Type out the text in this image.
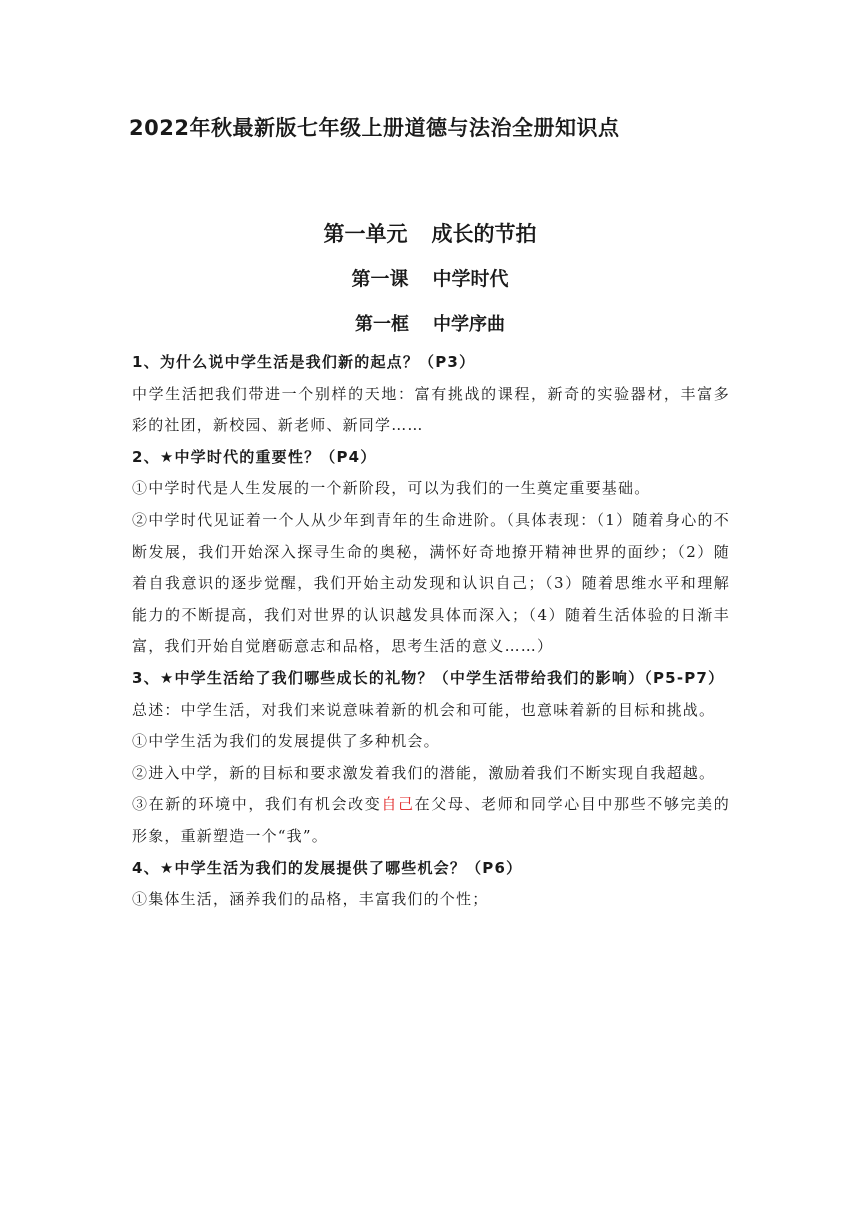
2022年秋最新版七年级上册道德与法治全册知识点
第一单元 成长的节拍
第一课 中学时代
第一框 中学序曲

1、为什么说中学生活是我们新的起点？（P3）

中学生活把我们带进一个别样的天地：富有挑战的课程，新奇的实验器材，丰富多彩的社团，新校园、新老师、新同学……

2、★中学时代的重要性？（P4）

①中学时代是人生发展的一个新阶段，可以为我们的一生奠定重要基础。

②中学时代见证着一个人从少年到青年的生命进阶。（具体表现：（1）随着身心的不断发展，我们开始深入探寻生命的奥秘，满怀好奇地撩开精神世界的面纱；（2）随着自我意识的逐步觉醒，我们开始主动发现和认识自己；（3）随着思维水平和理解能力的不断提高，我们对世界的认识越发具体而深入；（4）随着生活体验的日渐丰富，我们开始自觉磨砺意志和品格，思考生活的意义……）

3、★中学生活给了我们哪些成长的礼物？（中学生活带给我们的影响）（P5-P7）

总述：中学生活，对我们来说意味着新的机会和可能，也意味着新的目标和挑战。

①中学生活为我们的发展提供了多种机会。

②进入中学，新的目标和要求激发着我们的潜能，激励着我们不断实现自我超越。

③在新的环境中，我们有机会改变自己在父母、老师和同学心目中那些不够完美的形象，重新塑造一个“我”。

4、★中学生活为我们的发展提供了哪些机会？（P6）

①集体生活，涵养我们的品格，丰富我们的个性；
